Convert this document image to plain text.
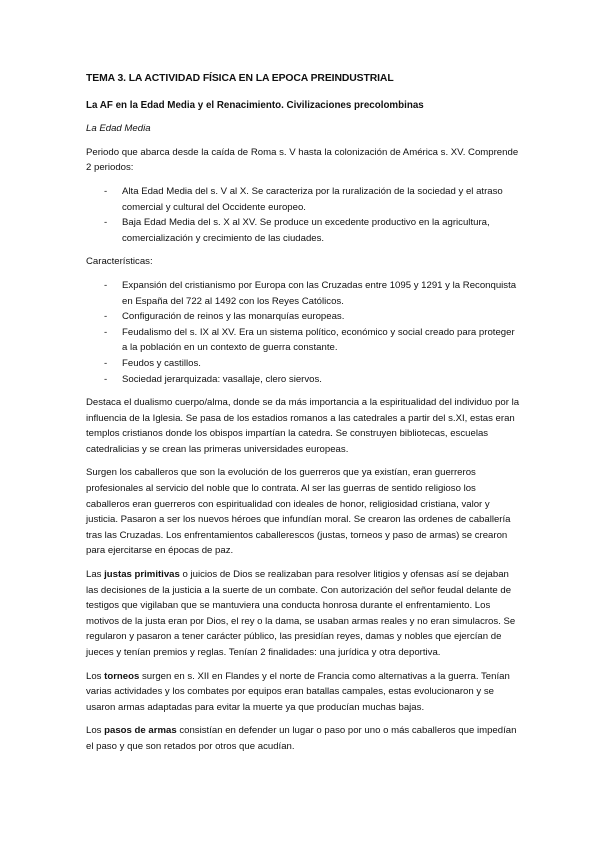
TEMA 3. LA ACTIVIDAD FÍSICA EN LA EPOCA PREINDUSTRIAL
La AF en la Edad Media y el Renacimiento. Civilizaciones precolombinas
La Edad Media

Periodo que abarca desde la caída de Roma s. V hasta la colonización de América s. XV. Comprende 2 periodos:

- Alta Edad Media del s. V al X. Se caracteriza por la ruralización de la sociedad y el atraso comercial y cultural del Occidente europeo.
- Baja Edad Media del s. X al XV. Se produce un excedente productivo en la agricultura, comercialización y crecimiento de las ciudades.

Características:

- Expansión del cristianismo por Europa con las Cruzadas entre 1095 y 1291 y la Reconquista en España del 722 al 1492 con los Reyes Católicos.
- Configuración de reinos y las monarquías europeas.
- Feudalismo del s. IX al XV. Era un sistema político, económico y social creado para proteger a la población en un contexto de guerra constante.
- Feudos y castillos.
- Sociedad jerarquizada: vasallaje, clero siervos.

Destaca el dualismo cuerpo/alma, donde se da más importancia a la espiritualidad del individuo por la influencia de la Iglesia. Se pasa de los estadios romanos a las catedrales a partir del s.XI, estas eran templos cristianos donde los obispos impartían la catedra. Se construyen bibliotecas, escuelas catedralicias y se crean las primeras universidades europeas.

Surgen los caballeros que son la evolución de los guerreros que ya existían, eran guerreros profesionales al servicio del noble que lo contrata. Al ser las guerras de sentido religioso los caballeros eran guerreros con espiritualidad con ideales de honor, religiosidad cristiana, valor y justicia. Pasaron a ser los nuevos héroes que infundían moral. Se crearon las ordenes de caballería tras las Cruzadas. Los enfrentamientos caballerescos (justas, torneos y paso de armas) se crearon para ejercitarse en épocas de paz.

Las justas primitivas o juicios de Dios se realizaban para resolver litigios y ofensas así se dejaban las decisiones de la justicia a la suerte de un combate. Con autorización del señor feudal delante de testigos que vigilaban que se mantuviera una conducta honrosa durante el enfrentamiento. Los motivos de la justa eran por Dios, el rey o la dama, se usaban armas reales y no eran simulacros. Se regularon y pasaron a tener carácter público, las presidían reyes, damas y nobles que ejercían de jueces y tenían premios y reglas. Tenían 2 finalidades: una jurídica y otra deportiva.

Los torneos surgen en s. XII en Flandes y el norte de Francia como alternativas a la guerra. Tenían varias actividades y los combates por equipos eran batallas campales, estas evolucionaron y se usaron armas adaptadas para evitar la muerte ya que producían muchas bajas.

Los pasos de armas consistían en defender un lugar o paso por uno o más caballeros que impedían el paso y que son retados por otros que acudían.
